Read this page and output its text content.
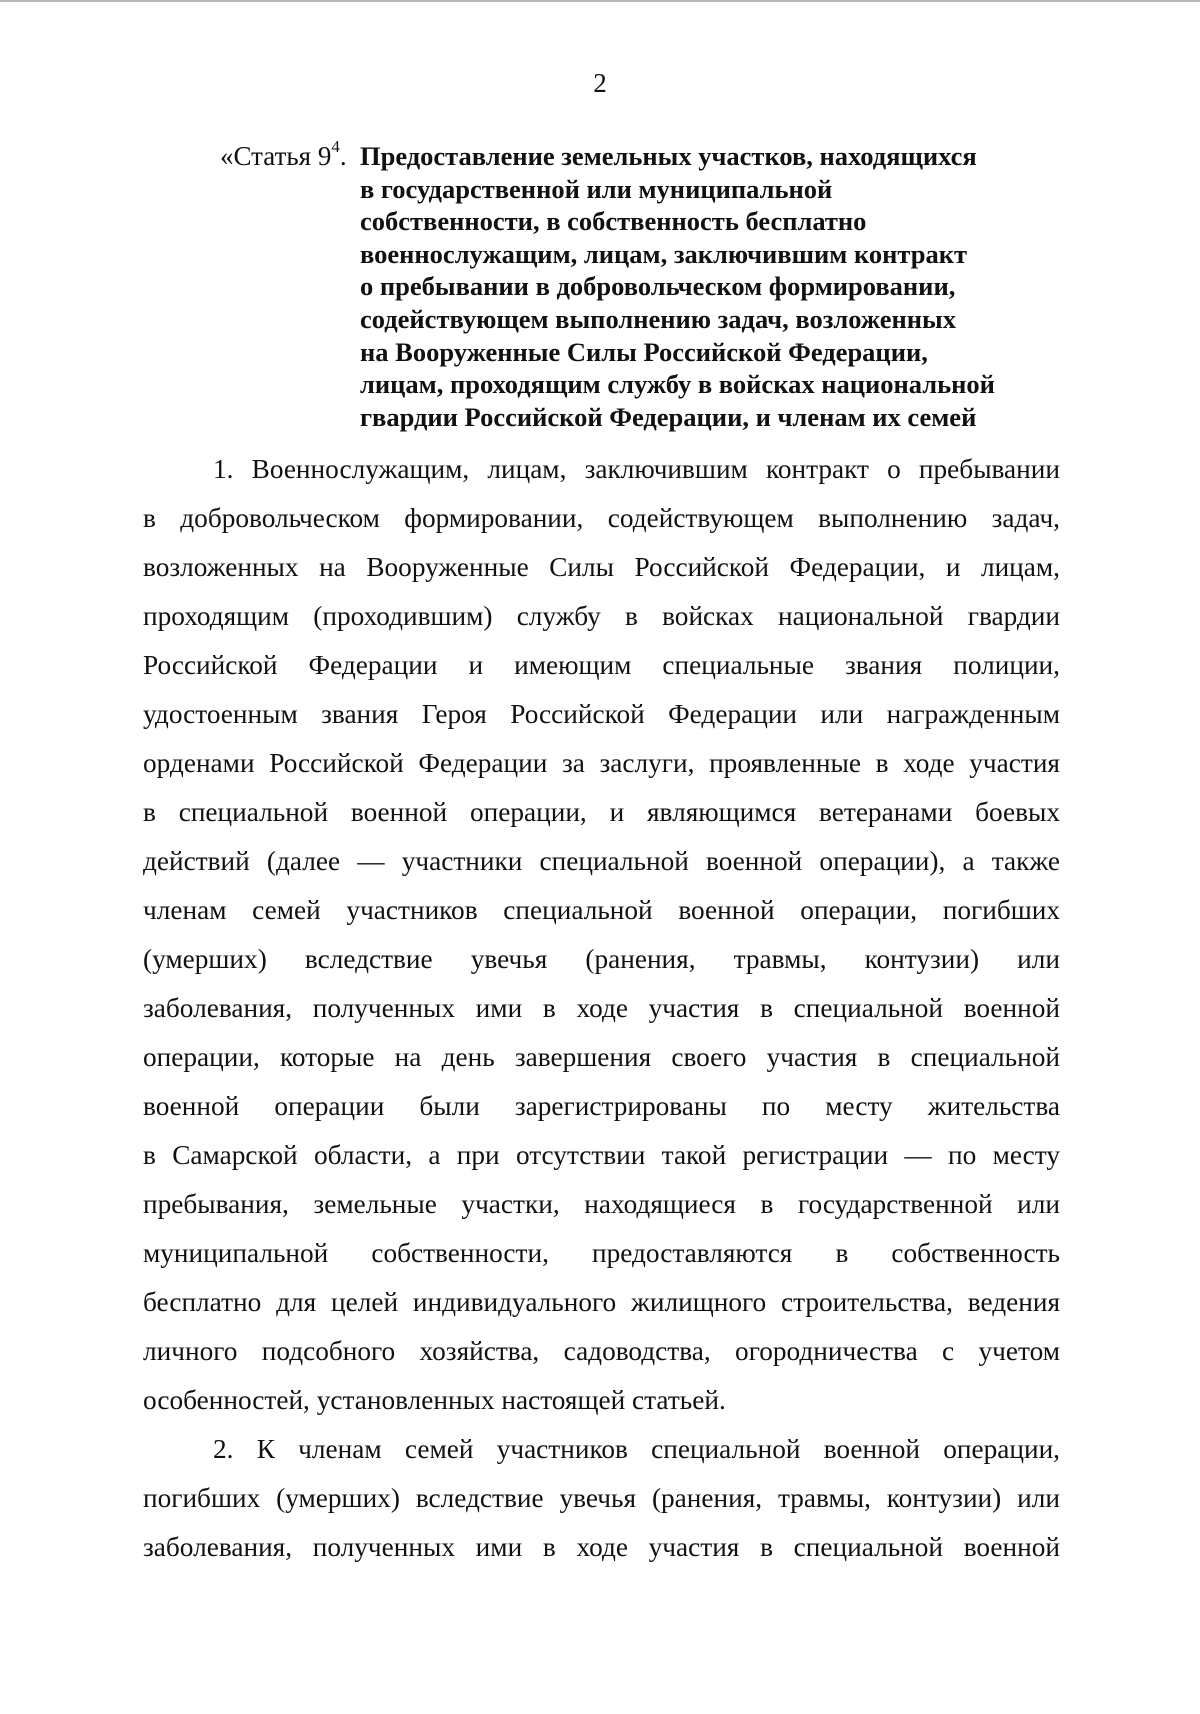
2
«Статья $9^4$. Предоставление земельных участков, находящихся
в государственной или муниципальной
собственности, в собственность бесплатно
военнослужащим, лицам, заключившим контракт
о пребывании в добровольческом формировании,
содействующем выполнению задач, возложенных
на Вооруженные Силы Российской Федерации,
лицам, проходящим службу в войсках национальной
гвардии Российской Федерации, и членам их семей
1. Военнослужащим, лицам, заключившим контракт о пребывании
в добровольческом формировании, содействующем выполнению задач,
возложенных на Вооруженные Силы Российской Федерации, и лицам,
проходящим (проходившим) службу в войсках национальной гвардии
Российской Федерации и имеющим специальные звания полиции,
удостоенным звания Героя Российской Федерации или награжденным
орденами Российской Федерации за заслуги, проявленные в ходе участия
в специальной военной операции, и являющимся ветеранами боевых
действий (далее — участники специальной военной операции), а также
членам семей участников специальной военной операции, погибших
(умерших) вследствие увечья (ранения, травмы, контузии) или
заболевания, полученных ими в ходе участия в специальной военной
операции, которые на день завершения своего участия в специальной
военной операции были зарегистрированы по месту жительства
в Самарской области, а при отсутствии такой регистрации — по месту
пребывания, земельные участки, находящиеся в государственной или
муниципальной собственности, предоставляются в собственность
бесплатно для целей индивидуального жилищного строительства, ведения
личного подсобного хозяйства, садоводства, огородничества с учетом
особенностей, установленных настоящей статьей.
2. К членам семей участников специальной военной операции,
погибших (умерших) вследствие увечья (ранения, травмы, контузии) или
заболевания, полученных ими в ходе участия в специальной военной
